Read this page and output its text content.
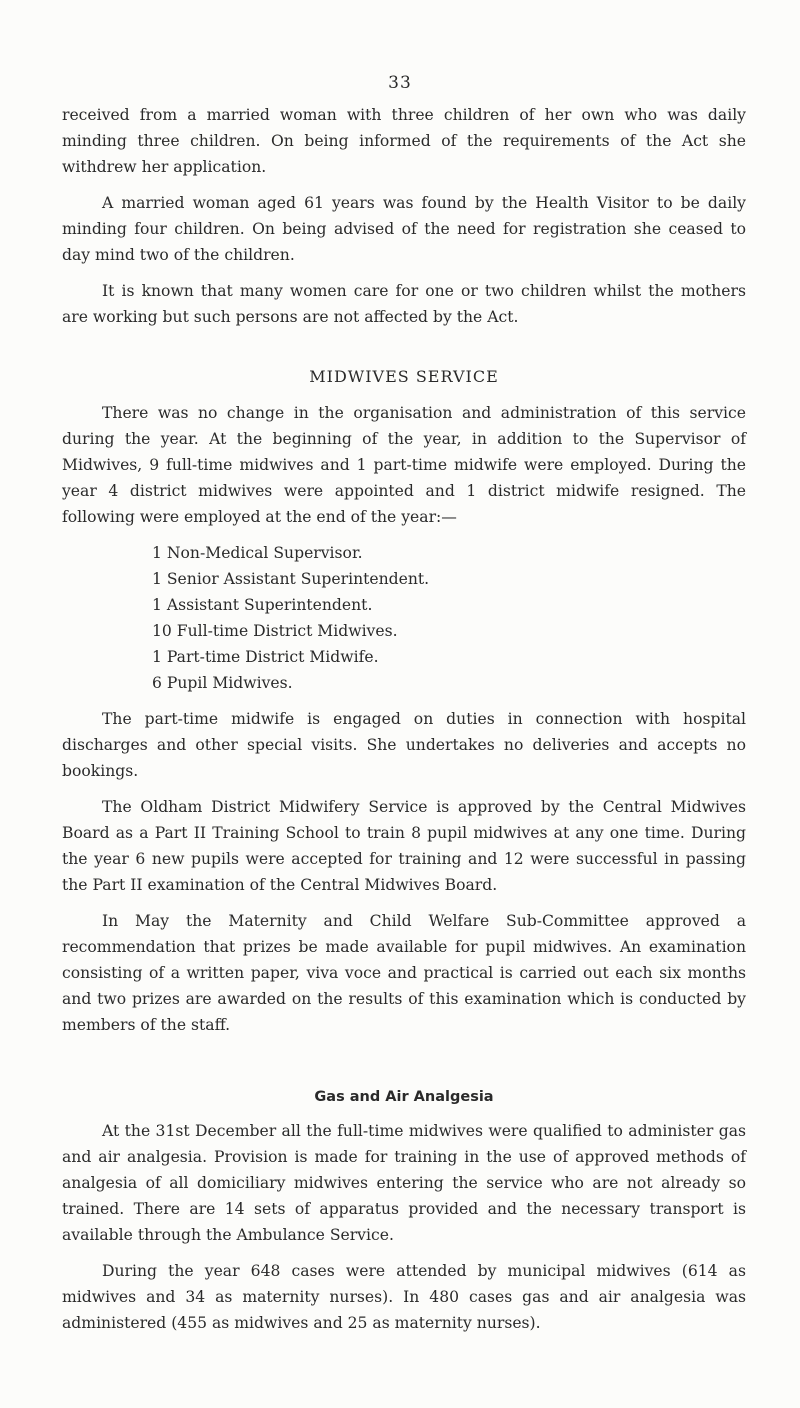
33

received from a married woman with three children of her own who was daily minding three children. On being informed of the requirements of the Act she withdrew her application.

A married woman aged 61 years was found by the Health Visitor to be daily minding four children. On being advised of the need for registration she ceased to day mind two of the children.

It is known that many women care for one or two children whilst the mothers are working but such persons are not affected by the Act.

MIDWIVES SERVICE

There was no change in the organisation and administration of this service during the year. At the beginning of the year, in addition to the Supervisor of Midwives, 9 full-time midwives and 1 part-time midwife were employed. During the year 4 district midwives were appointed and 1 district midwife resigned. The following were employed at the end of the year:—

1 Non-Medical Supervisor.
1 Senior Assistant Superintendent.
1 Assistant Superintendent.
10 Full-time District Midwives.
1 Part-time District Midwife.
6 Pupil Midwives.

The part-time midwife is engaged on duties in connection with hospital discharges and other special visits. She undertakes no deliveries and accepts no bookings.

The Oldham District Midwifery Service is approved by the Central Midwives Board as a Part II Training School to train 8 pupil midwives at any one time. During the year 6 new pupils were accepted for training and 12 were successful in passing the Part II examination of the Central Midwives Board.

In May the Maternity and Child Welfare Sub-Committee approved a recommendation that prizes be made available for pupil midwives. An examination consisting of a written paper, viva voce and practical is carried out each six months and two prizes are awarded on the results of this examination which is conducted by members of the staff.

Gas and Air Analgesia

At the 31st December all the full-time midwives were qualified to administer gas and air analgesia. Provision is made for training in the use of approved methods of analgesia of all domiciliary midwives entering the service who are not already so trained. There are 14 sets of apparatus provided and the necessary transport is available through the Ambulance Service.

During the year 648 cases were attended by municipal midwives (614 as midwives and 34 as maternity nurses). In 480 cases gas and air analgesia was administered (455 as midwives and 25 as maternity nurses).
